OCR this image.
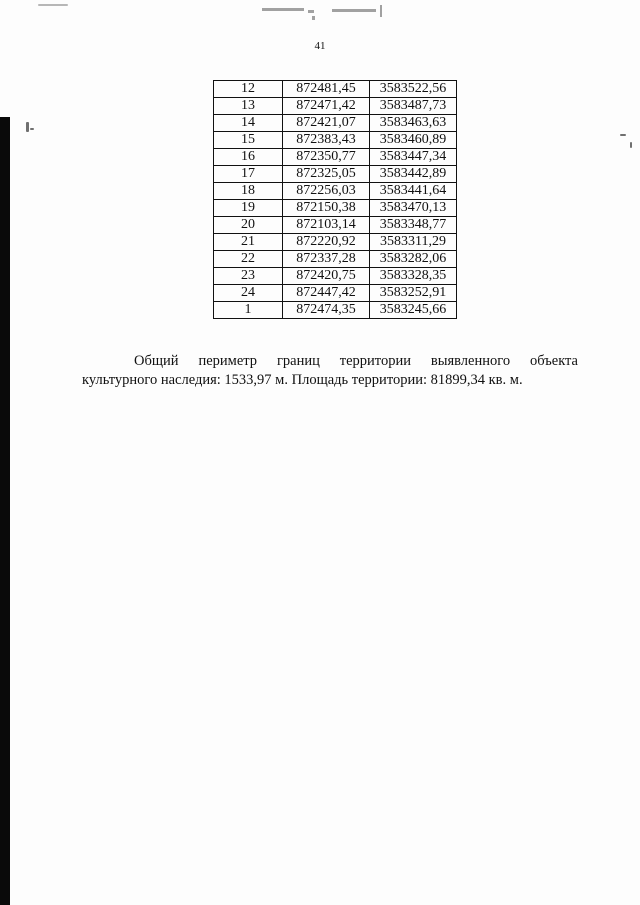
41
12	872481,45	3583522,56
13	872471,42	3583487,73
14	872421,07	3583463,63
15	872383,43	3583460,89
16	872350,77	3583447,34
17	872325,05	3583442,89
18	872256,03	3583441,64
19	872150,38	3583470,13
20	872103,14	3583348,77
21	872220,92	3583311,29
22	872337,28	3583282,06
23	872420,75	3583328,35
24	872447,42	3583252,91
1	872474,35	3583245,66
Общий периметр границ территории выявленного объекта
культурного наследия: 1533,97 м. Площадь территории: 81899,34 кв. м.
